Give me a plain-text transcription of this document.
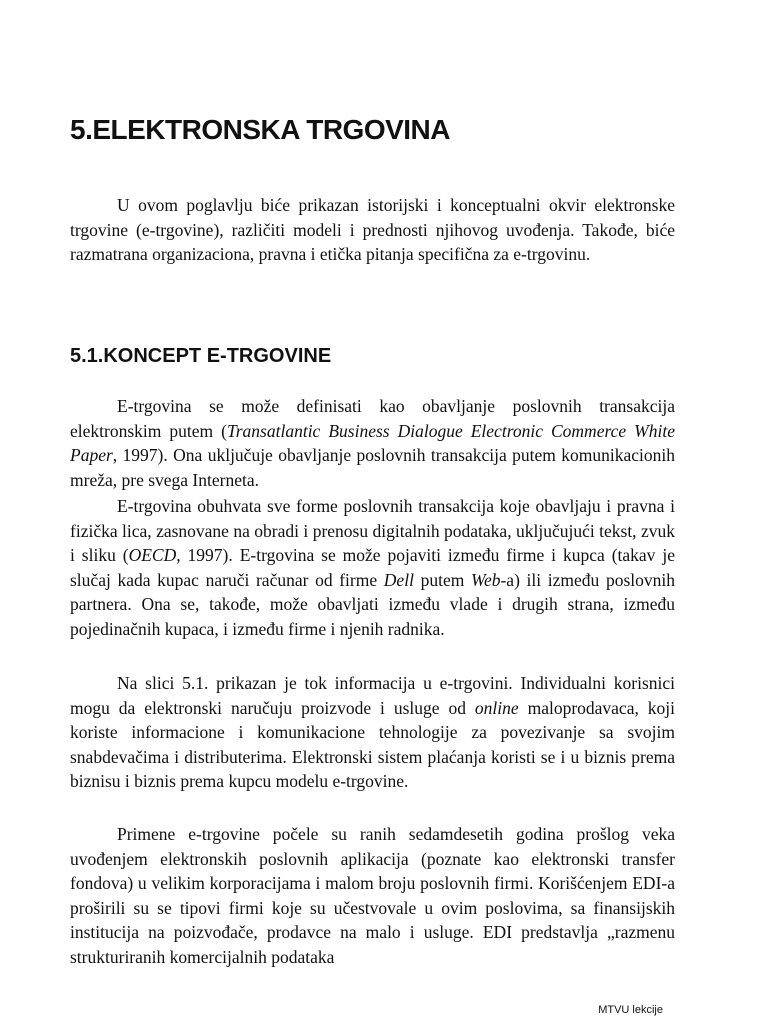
5.ELEKTRONSKA TRGOVINA

U ovom poglavlju biće prikazan istorijski i konceptualni okvir elektronske trgovine (e-trgovine), različiti modeli i prednosti njihovog uvođenja. Takođe, biće razmatrana organizaciona, pravna i etička pitanja specifična za e-trgovinu.

5.1.KONCEPT E-TRGOVINE

E-trgovina se može definisati kao obavljanje poslovnih transakcija elektronskim putem (Transatlantic Business Dialogue Electronic Commerce White Paper, 1997). Ona uključuje obavljanje poslovnih transakcija putem komunikacionih mreža, pre svega Interneta.

E-trgovina obuhvata sve forme poslovnih transakcija koje obavljaju i pravna i fizička lica, zasnovane na obradi i prenosu digitalnih podataka, uključujući tekst, zvuk i sliku (OECD, 1997). E-trgovina se može pojaviti između firme i kupca (takav je slučaj kada kupac naruči računar od firme Dell putem Web-a) ili između poslovnih partnera. Ona se, takođe, može obavljati između vlade i drugih strana, između pojedinačnih kupaca, i između firme i njenih radnika.

Na slici 5.1. prikazan je tok informacija u e-trgovini. Individualni korisnici mogu da elektronski naručuju proizvode i usluge od online maloprodavaca, koji koriste informacione i komunikacione tehnologije za povezivanje sa svojim snabdevačima i distributerima. Elektronski sistem plaćanja koristi se i u biznis prema biznisu i biznis prema kupcu modelu e-trgovine.

Primene e-trgovine počele su ranih sedamdesetih godina prošlog veka uvođenjem elektronskih poslovnih aplikacija (poznate kao elektronski transfer fondova) u velikim korporacijama i malom broju poslovnih firmi. Korišćenjem EDI-a proširili su se tipovi firmi koje su učestvovale u ovim poslovima, sa finansijskih institucija na poizvođače, prodavce na malo i usluge. EDI predstavlja „razmenu strukturiranih komercijalnih podataka

MTVU lekcije
